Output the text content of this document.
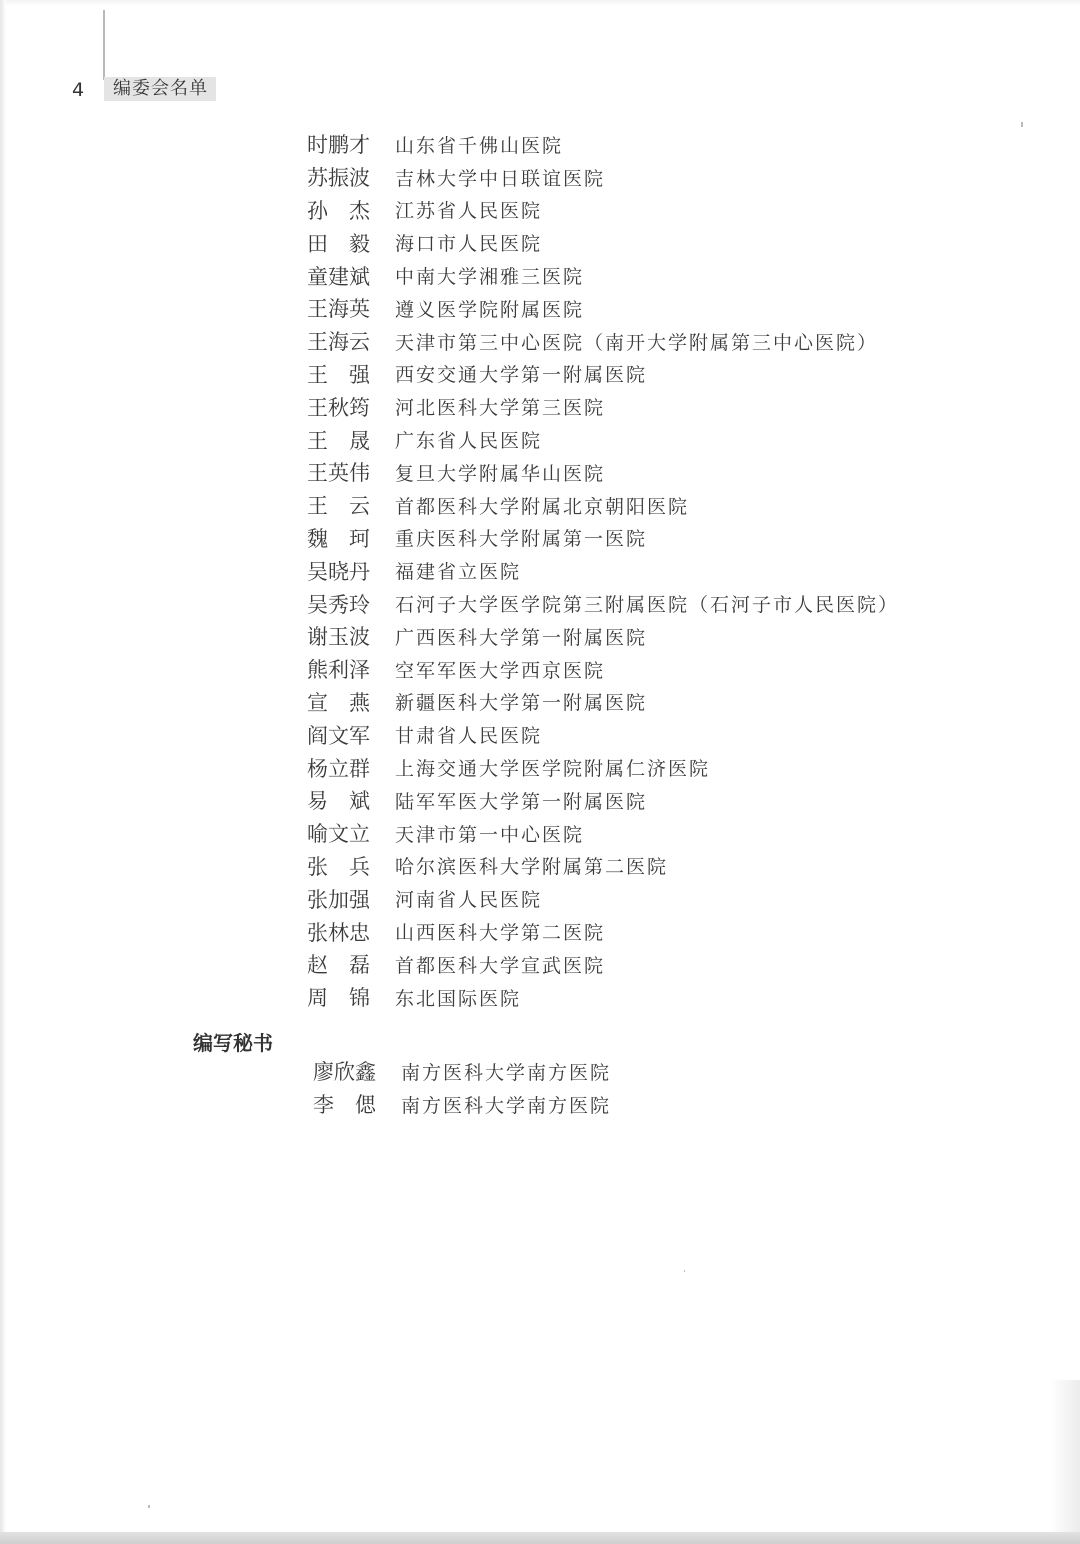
4	编委会名单
时鹏才	山东省千佛山医院
苏振波	吉林大学中日联谊医院
孙　杰	江苏省人民医院
田　毅	海口市人民医院
童建斌	中南大学湘雅三医院
王海英	遵义医学院附属医院
王海云	天津市第三中心医院（南开大学附属第三中心医院）
王　强	西安交通大学第一附属医院
王秋筠	河北医科大学第三医院
王　晟	广东省人民医院
王英伟	复旦大学附属华山医院
王　云	首都医科大学附属北京朝阳医院
魏　珂	重庆医科大学附属第一医院
吴晓丹	福建省立医院
吴秀玲	石河子大学医学院第三附属医院（石河子市人民医院）
谢玉波	广西医科大学第一附属医院
熊利泽	空军军医大学西京医院
宣　燕	新疆医科大学第一附属医院
阎文军	甘肃省人民医院
杨立群	上海交通大学医学院附属仁济医院
易　斌	陆军军医大学第一附属医院
喻文立	天津市第一中心医院
张　兵	哈尔滨医科大学附属第二医院
张加强	河南省人民医院
张林忠	山西医科大学第二医院
赵　磊	首都医科大学宣武医院
周　锦	东北国际医院
编写秘书
廖欣鑫	南方医科大学南方医院
李　偲	南方医科大学南方医院
